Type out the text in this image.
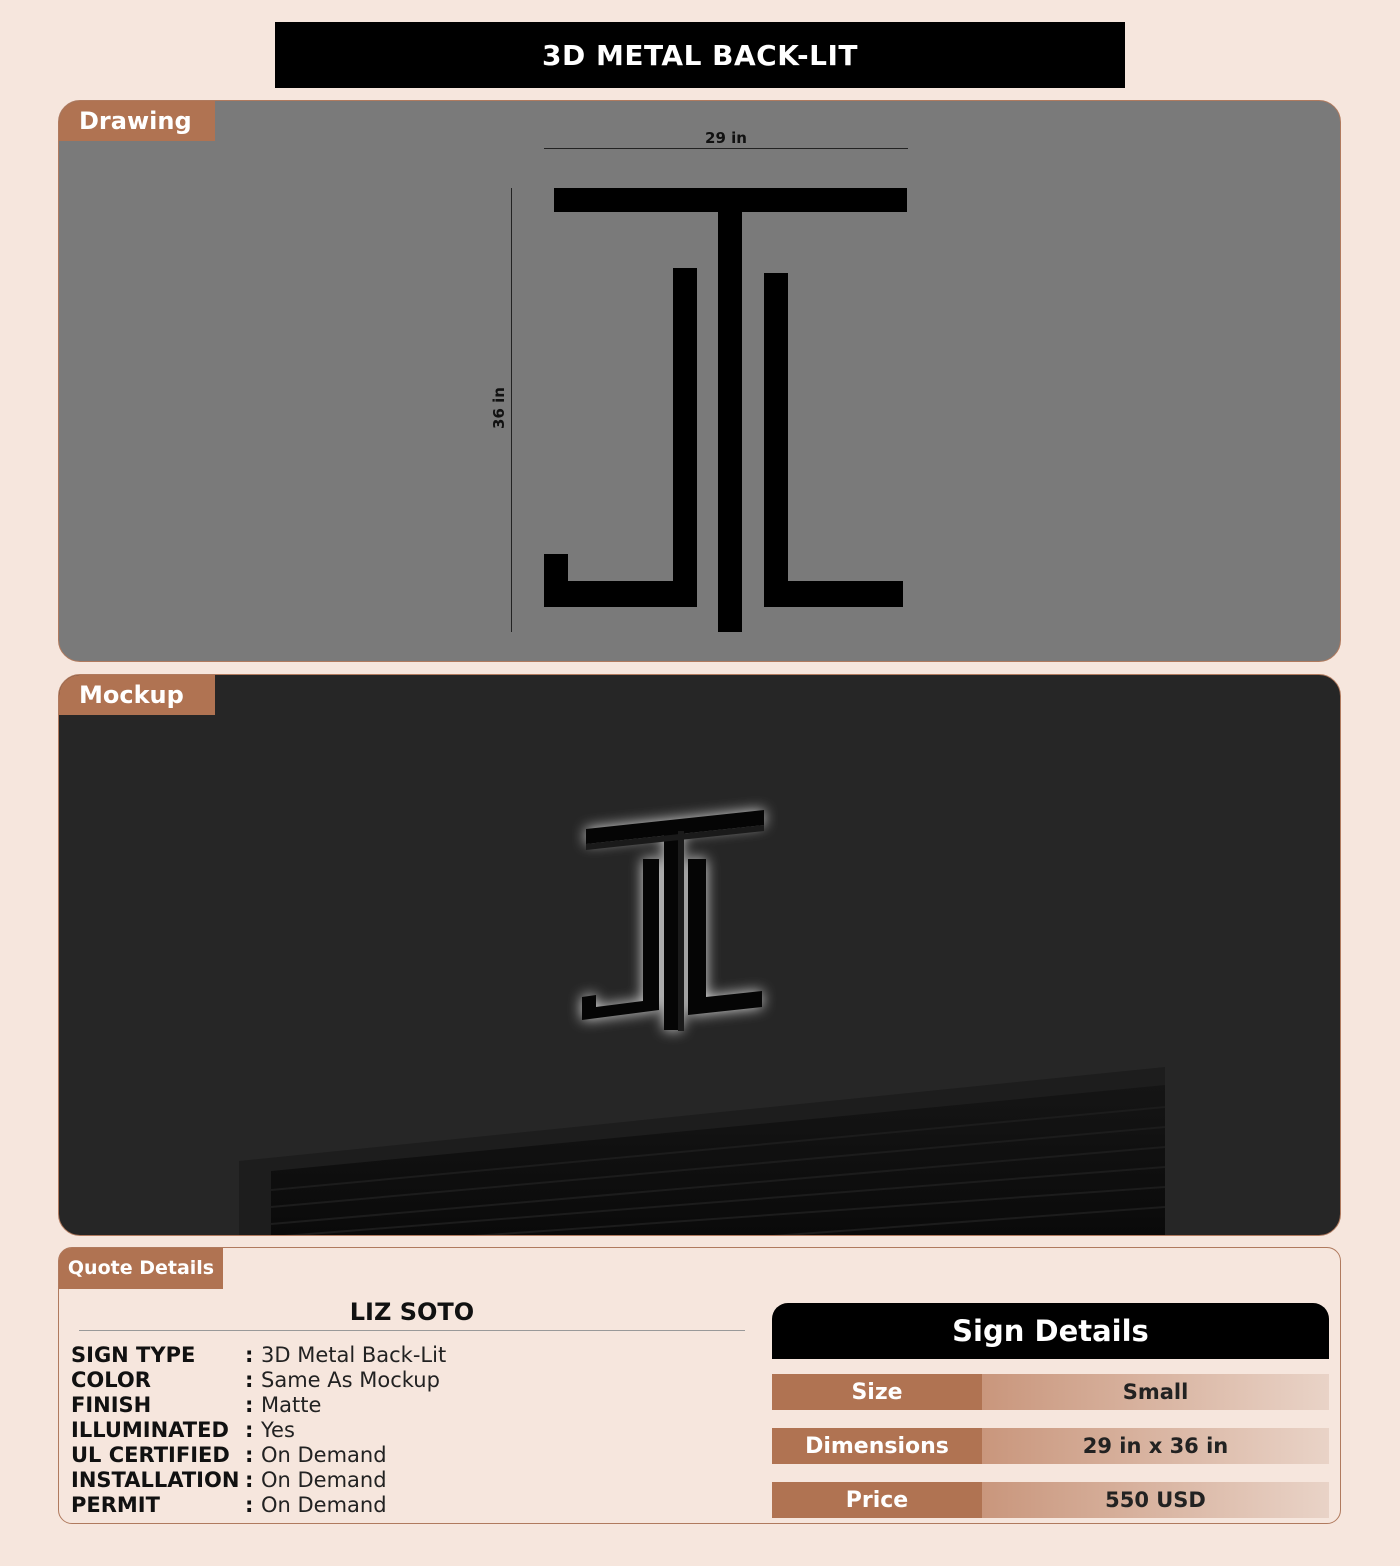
3D METAL BACK-LIT
Drawing
29 in
36 in
Mockup
Quote Details
LIZ SOTO
SIGN TYPE	: 3D Metal Back-Lit
COLOR	: Same As Mockup
FINISH	: Matte
ILLUMINATED : Yes
UL CERTIFIED : On Demand
INSTALLATION : On Demand
PERMIT	: On Demand
Sign Details
Size	Small
Dimensions	29 in x 36 in
Price	550 USD
